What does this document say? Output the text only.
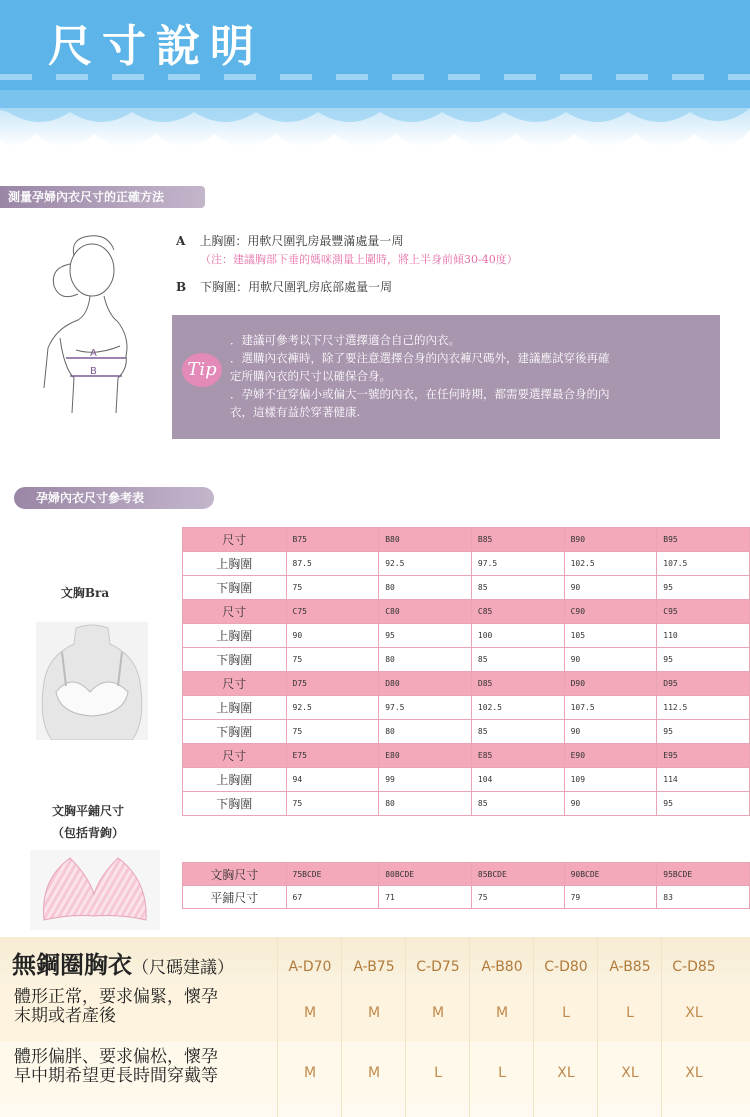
尺寸說明
測量孕婦內衣尺寸的正確方法
A
B
A 上胸圍：用軟尺圍乳房最豐滿處量一周
（注：建議胸部下垂的媽咪測量上圍時，將上半身前傾30-40度）
B 下胸圍：用軟尺圍乳房底部處量一周
Tip
．建議可參考以下尺寸選擇適合自己的內衣。
．選購內衣褲時，除了要注意選擇合身的內衣褲尺碼外，建議應試穿後再確
定所購內衣的尺寸以確保合身。
．孕婦不宜穿偏小或偏大一號的內衣，在任何時期，都需要選擇最合身的內
衣，這樣有益於穿著健康.
孕婦內衣尺寸參考表
文胸Bra
尺寸	B75	B80	B85	B90	B95
上胸圍	87.5	92.5	97.5	102.5	107.5
下胸圍	75	80	85	90	95
尺寸	C75	C80	C85	C90	C95
上胸圍	90	95	100	105	110
下胸圍	75	80	85	90	95
尺寸	D75	D80	D85	D90	D95
上胸圍	92.5	97.5	102.5	107.5	112.5
下胸圍	75	80	85	90	95
尺寸	E75	E80	E85	E90	E95
上胸圍	94	99	104	109	114
下胸圍	75	80	85	90	95
文胸平鋪尺寸
（包括背鉤）
文胸尺寸	75BCDE	80BCDE	85BCDE	90BCDE	95BCDE
平鋪尺寸	67	71	75	79	83
無鋼圈胸衣（尺碼建議）	A-D70	A-B75	C-D75	A-B80	C-D80	A-B85	C-D85
體形正常，要求偏緊，懷孕
末期或者產後	M	M	M	M	L	L	XL
體形偏胖、要求偏松，懷孕
早中期希望更長時間穿戴等	M	M	L	L	XL	XL	XL
